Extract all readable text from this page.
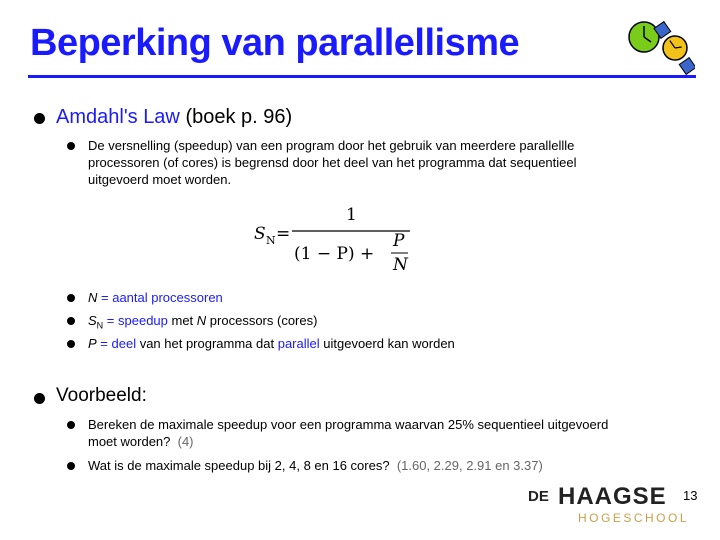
Beperking van parallellisme
Amdahl's Law (boek p. 96)
De versnelling (speedup) van een program door het gebruik van meerdere parallellle
processoren (of cores) is begrensd door het deel van het programma dat sequentieel
uitgevoerd moet worden.
S N =
1
(1 − P) +
P
N
N = aantal processoren
$S_N$ = speedup met N processors (cores)
P = deel van het programma dat parallel uitgevoerd kan worden
Voorbeeld:
Bereken de maximale speedup voor een programma waarvan 25% sequentieel uitgevoerd
moet worden? (4)
Wat is de maximale speedup bij 2, 4, 8 en 16 cores? (1.60, 2.29, 2.91 en 3.37)
DE HAAGSE
HOGESCHOOL
13
